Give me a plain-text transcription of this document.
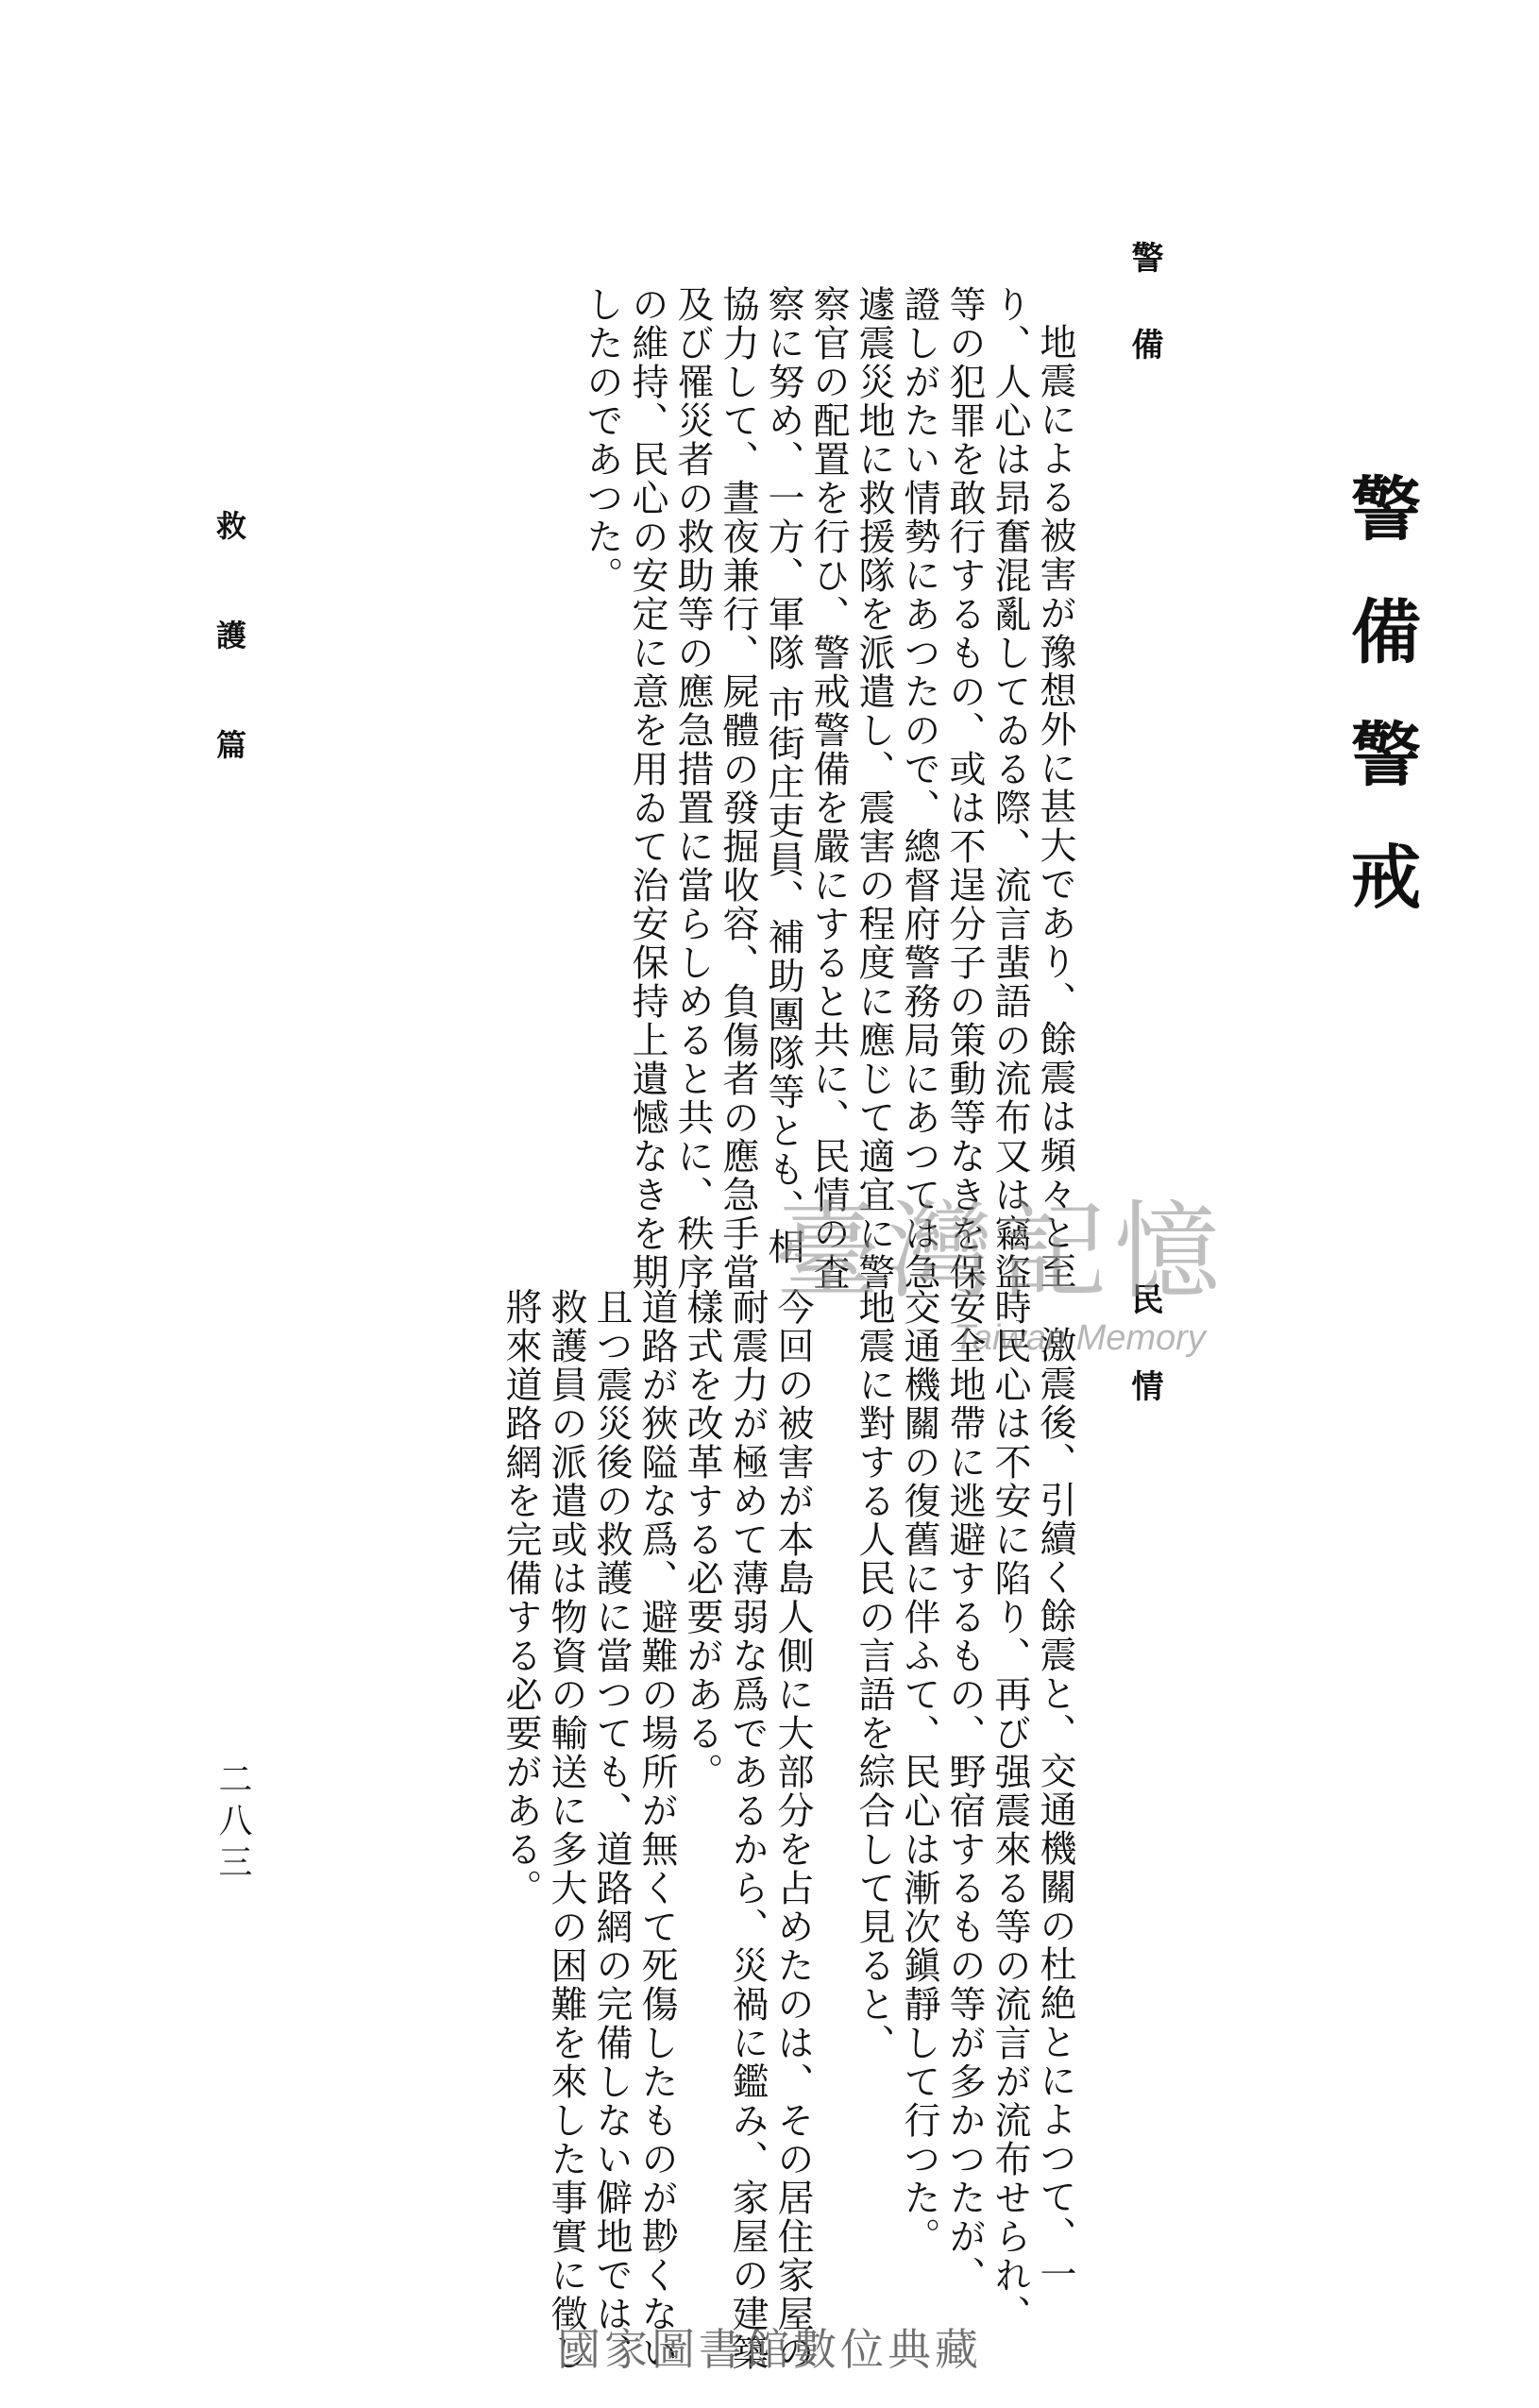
警備警戒
警備
地震による被害が豫想外に甚大であり、餘震は頻々と至
り、人心は昻奮混亂してゐる際、流言蜚語の流布又は竊盜
等の犯罪を敢行するもの、或は不逞分子の策動等なきを保
證しがたい情勢にあつたので、總督府警務局にあつては急
遽震災地に救援隊を派遣し、震害の程度に應じて適宜に警
察官の配置を行ひ、警戒警備を嚴にすると共に、民情の査
察に努め、一方、軍隊 市街庄吏員、補助團隊等とも、相
協力して、晝夜兼行、屍體の發掘收容、負傷者の應急手當
及び罹災者の救助等の應急措置に當らしめると共に、秩序
の維持、民心の安定に意を用ゐて治安保持上遺憾なきを期
したのであつた。
民情
激震後、引續く餘震と、交通機關の杜絶とによつて、一
時民心は不安に陷り、再び强震來る等の流言が流布せられ、
安全地帶に逃避するもの、野宿するもの等が多かつたが、
交通機關の復舊に伴ふて、民心は漸次鎭靜して行つた。
地震に對する人民の言語を綜合して見ると、
今回の被害が本島人側に大部分を占めたのは、その居住家屋の
耐震力が極めて薄弱な爲であるから、災禍に鑑み、家屋の建築
樣式を改革する必要がある。
道路が狹隘な爲、避難の場所が無くて死傷したものが尠くない
且つ震災後の救護に當つても、道路網の完備しない僻地では、
救護員の派遣或は物資の輸送に多大の困難を來した事實に徵し
將來道路網を完備する必要がある。
救護篇
二八三
臺灣記憶
Taiwan Memory
國家圖書館數位典藏
